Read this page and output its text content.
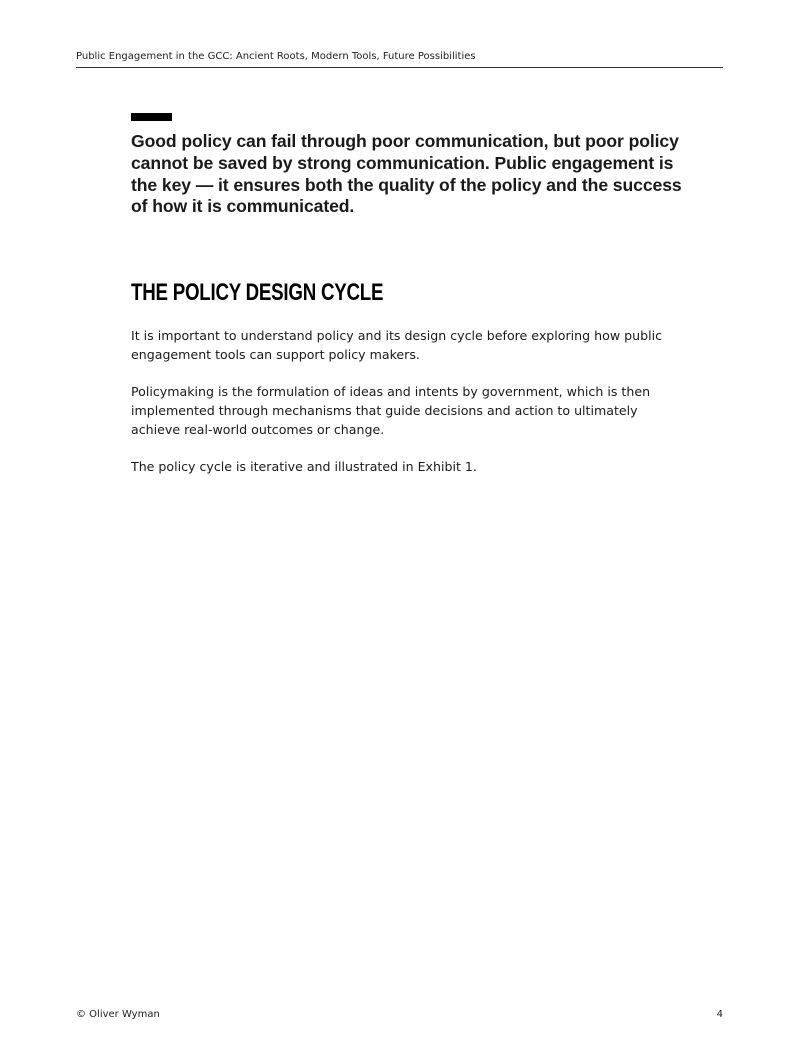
Public Engagement in the GCC: Ancient Roots, Modern Tools, Future Possibilities

Good policy can fail through poor communication, but poor policy cannot be saved by strong communication. Public engagement is the key — it ensures both the quality of the policy and the success of how it is communicated.

THE POLICY DESIGN CYCLE

It is important to understand policy and its design cycle before exploring how public engagement tools can support policy makers.

Policymaking is the formulation of ideas and intents by government, which is then implemented through mechanisms that guide decisions and action to ultimately achieve real-world outcomes or change.

The policy cycle is iterative and illustrated in Exhibit 1.

© Oliver Wyman	4
